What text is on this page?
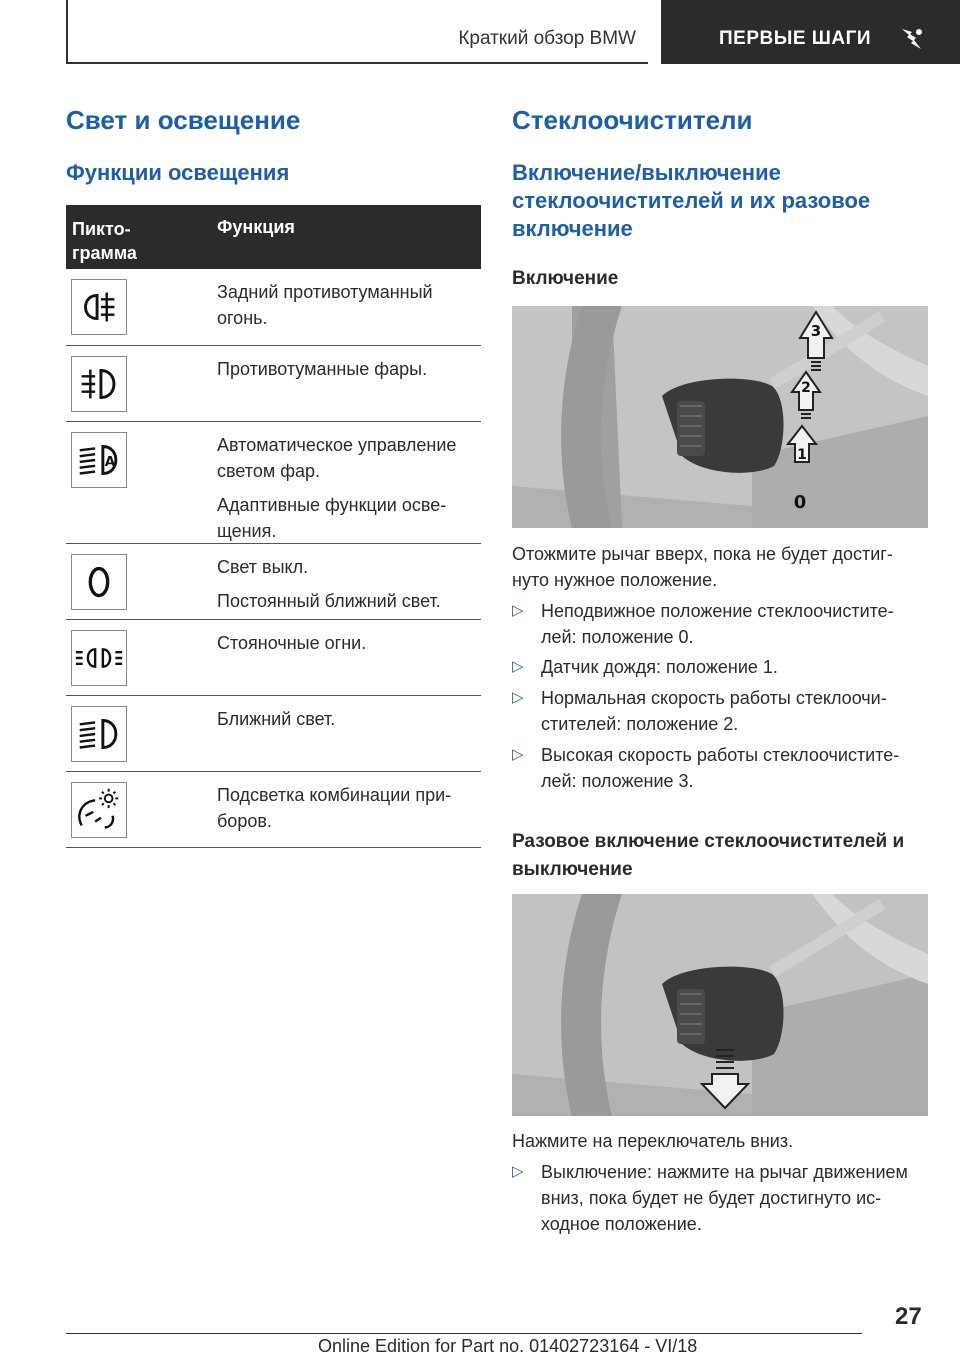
Краткий обзор BMW	ПЕРВЫЕ ШАГИ
Свет и освещение
Функции освещения
Пикто-
грамма
Функция

Задний противотуманный
огонь.

Противотуманные фары.

A

Автоматическое управление
светом фар.

Адаптивные функции осве-
щения.

Свет выкл.

Постоянный ближний свет.

Стояночные огни.

Ближний свет.

Подсветка комбинации при-
боров.

Стеклоочистители
Включение/выключение
стеклоочистителей и их разовое
включение
Включение
3
2
1
0
Отожмите рычаг вверх, пока не будет достиг-
нуто нужное положение.
▷ Неподвижное положение стеклоочистите-
лей: положение 0.
▷ Датчик дождя: положение 1.
▷ Нормальная скорость работы стеклоочи-
стителей: положение 2.
▷ Высокая скорость работы стеклоочистите-
лей: положение 3.
Разовое включение стеклоочистителей и
выключение
Нажмите на переключатель вниз.
▷ Выключение: нажмите на рычаг движением
вниз, пока будет не будет достигнуто ис-
ходное положение.
27
Online Edition for Part no. 01402723164 - VI/18
